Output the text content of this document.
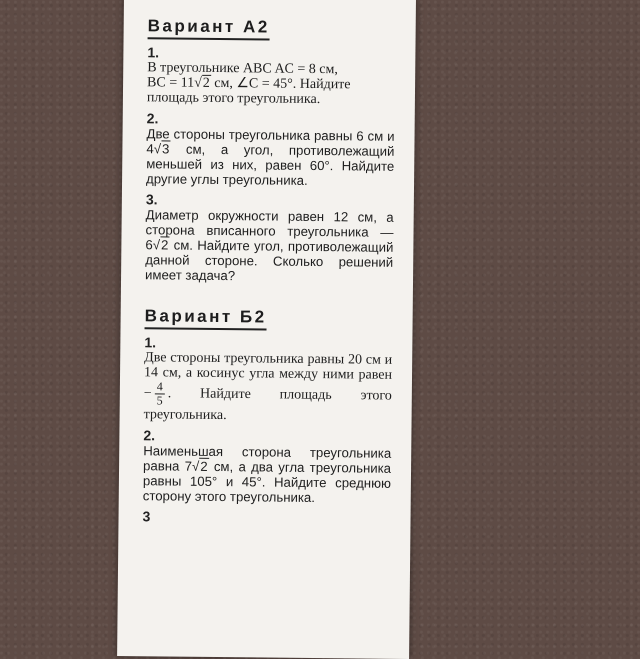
Вариант А2
1.
В треугольнике ABC AC = 8 см,
BC = 11√2 см, ∠C = 45°. Найдите
площадь этого треугольника.
2.
Две стороны треугольника равны 6 см и 4√3 см, а угол, противолежащий меньшей из них, равен 60°. Найдите другие углы треугольника.
3.
Диаметр окружности равен 12 см, а сторона вписанного треугольника — 6√2 см. Найдите угол, противолежащий данной стороне. Сколько решений имеет задача?
Вариант Б2
1.
Две стороны треугольника равны 20 см и 14 см, а косинус угла между ними равен − $\frac{4}{5}$ . Найдите площадь этого треугольника.
2.
Наименьшая сторона треугольника равна 7√2 см, а два угла треугольника равны 105° и 45°. Найдите среднюю сторону этого треугольника.
3
